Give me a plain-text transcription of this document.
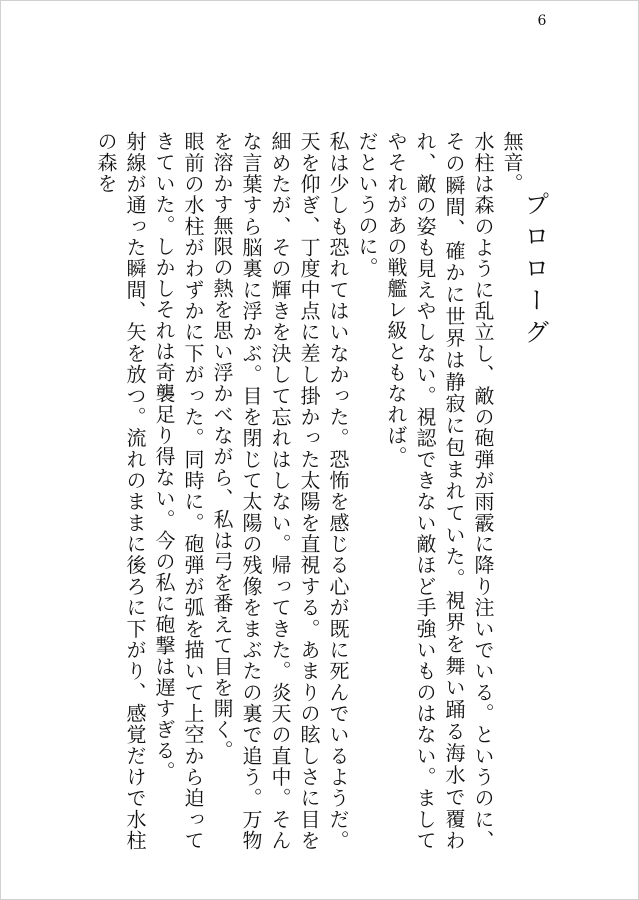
6
プロローグ

無音。

水柱は森のように乱立し、敵の砲弾が雨霰に降り注いでいる。というのに、その瞬間、確かに世界は静寂に包まれていた。視界を舞い踊る海水で覆われ、敵の姿も見えやしない。視認できない敵ほど手強いものはない。ましてやそれがあの戦艦レ級ともなれば。

だというのに。

私は少しも恐れてはいなかった。恐怖を感じる心が既に死んでいるようだ。天を仰ぎ、丁度中点に差し掛かった太陽を直視する。あまりの眩しさに目を細めたが、その輝きを決して忘れはしない。帰ってきた。炎天の直中。そんな言葉すら脳裏に浮かぶ。目を閉じて太陽の残像をまぶたの裏で追う。万物を溶かす無限の熱を思い浮かべながら、私は弓を番えて目を開く。

眼前の水柱がわずかに下がった。同時に。砲弾が弧を描いて上空から迫ってきていた。しかしそれは奇襲足り得ない。今の私に砲撃は遅すぎる。

射線が通った瞬間、矢を放つ。流れのままに後ろに下がり、感覚だけで水柱の森を
